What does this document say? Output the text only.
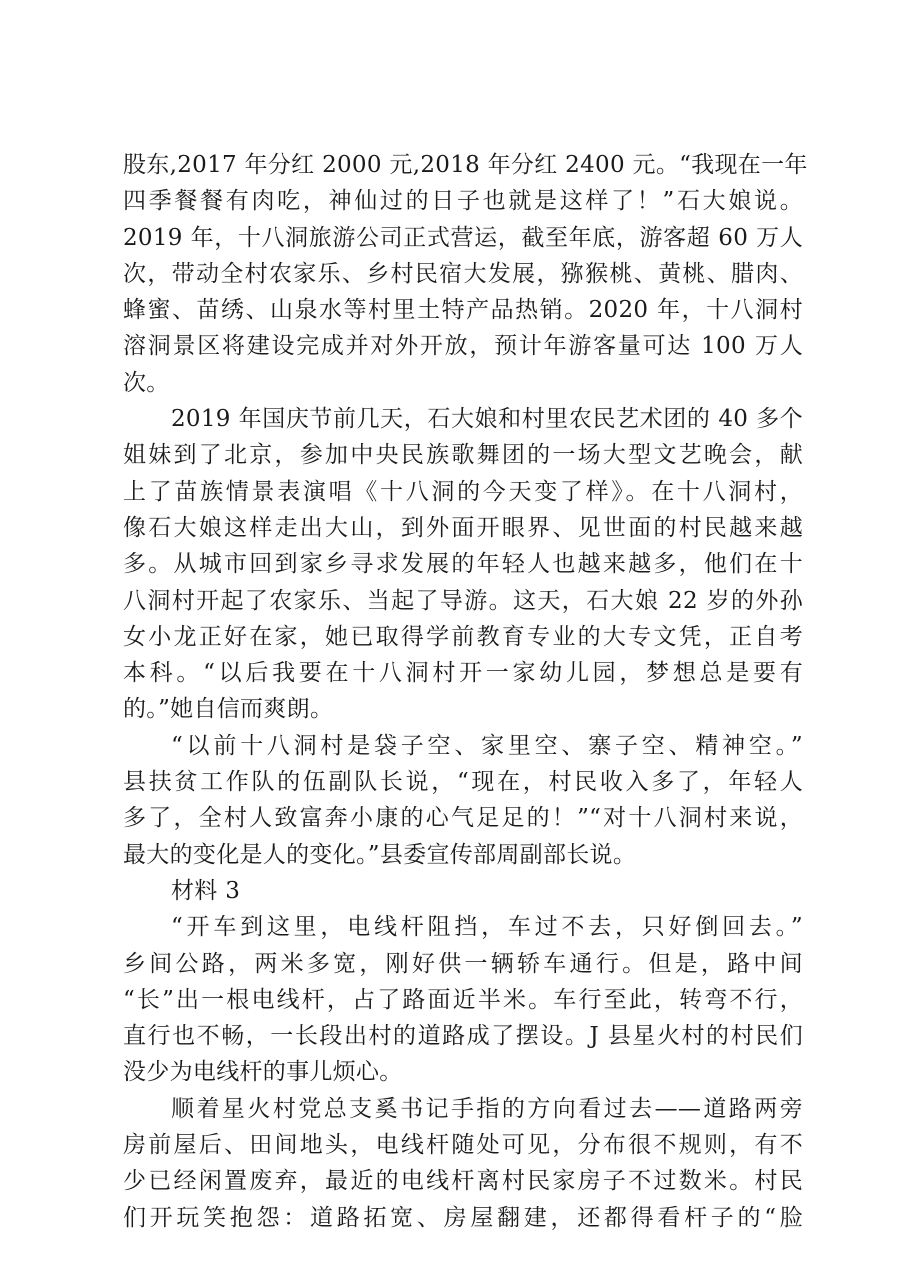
股东,2017 年分红 2000 元,2018 年分红 2400 元。“我现在一年
四季餐餐有肉吃，神仙过的日子也就是这样了！”石大娘说。
2019 年，十八洞旅游公司正式营运，截至年底，游客超 60 万人
次，带动全村农家乐、乡村民宿大发展，猕猴桃、黄桃、腊肉、
蜂蜜、苗绣、山泉水等村里土特产品热销。2020 年，十八洞村
溶洞景区将建设完成并对外开放，预计年游客量可达 100 万人
次。
2019 年国庆节前几天，石大娘和村里农民艺术团的 40 多个
姐妹到了北京，参加中央民族歌舞团的一场大型文艺晚会，献
上了苗族情景表演唱《十八洞的今天变了样》。在十八洞村，
像石大娘这样走出大山，到外面开眼界、见世面的村民越来越
多。从城市回到家乡寻求发展的年轻人也越来越多，他们在十
八洞村开起了农家乐、当起了导游。这天，石大娘 22 岁的外孙
女小龙正好在家，她已取得学前教育专业的大专文凭，正自考
本科。“以后我要在十八洞村开一家幼儿园，梦想总是要有
的。”她自信而爽朗。
“以前十八洞村是袋子空、家里空、寨子空、精神空。”
县扶贫工作队的伍副队长说，“现在，村民收入多了，年轻人
多了，全村人致富奔小康的心气足足的！”“对十八洞村来说，
最大的变化是人的变化。”县委宣传部周副部长说。
材料 3
“开车到这里，电线杆阻挡，车过不去，只好倒回去。”
乡间公路，两米多宽，刚好供一辆轿车通行。但是，路中间
“长”出一根电线杆，占了路面近半米。车行至此，转弯不行，
直行也不畅，一长段出村的道路成了摆设。J 县星火村的村民们
没少为电线杆的事儿烦心。
顺着星火村党总支奚书记手指的方向看过去——道路两旁
房前屋后、田间地头，电线杆随处可见，分布很不规则，有不
少已经闲置废弃，最近的电线杆离村民家房子不过数米。村民
们开玩笑抱怨：道路拓宽、房屋翻建，还都得看杆子的“脸
